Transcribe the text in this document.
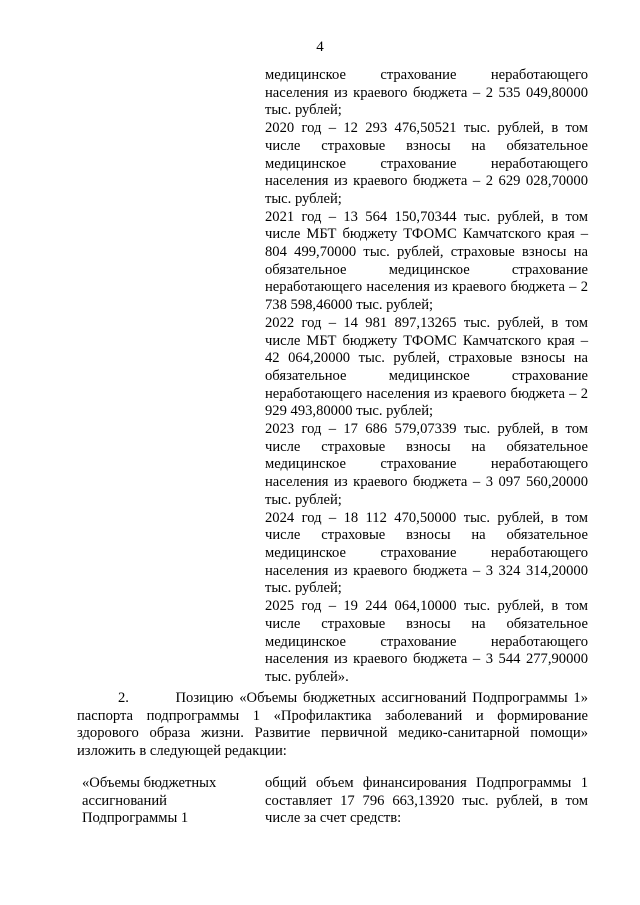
4

медицинское страхование неработающего населения из краевого бюджета – 2 535 049,80000 тыс. рублей;

2020 год – 12 293 476,50521 тыс. рублей, в том числе страховые взносы на обязательное медицинское страхование неработающего населения из краевого бюджета – 2 629 028,70000 тыс. рублей;

2021 год – 13 564 150,70344 тыс. рублей, в том числе МБТ бюджету ТФОМС Камчатского края – 804 499,70000 тыс. рублей, страховые взносы на обязательное медицинское страхование неработающего населения из краевого бюджета – 2 738 598,46000 тыс. рублей;

2022 год – 14 981 897,13265 тыс. рублей, в том числе МБТ бюджету ТФОМС Камчатского края – 42 064,20000 тыс. рублей, страховые взносы на обязательное медицинское страхование неработающего населения из краевого бюджета – 2 929 493,80000 тыс. рублей;

2023 год – 17 686 579,07339 тыс. рублей, в том числе страховые взносы на обязательное медицинское страхование неработающего населения из краевого бюджета – 3 097 560,20000 тыс. рублей;

2024 год – 18 112 470,50000 тыс. рублей, в том числе страховые взносы на обязательное медицинское страхование неработающего населения из краевого бюджета – 3 324 314,20000 тыс. рублей;

2025 год – 19 244 064,10000 тыс. рублей, в том числе страховые взносы на обязательное медицинское страхование неработающего населения из краевого бюджета – 3 544 277,90000 тыс. рублей».

2.        Позицию «Объемы бюджетных ассигнований Подпрограммы 1» паспорта подпрограммы 1 «Профилактика заболеваний и формирование здорового образа жизни. Развитие первичной медико-санитарной помощи» изложить в следующей редакции:

«Объемы бюджетных
ассигнований
Подпрограммы 1

общий объем финансирования Подпрограммы 1 составляет 17 796 663,13920 тыс. рублей, в том числе за счет средств:
